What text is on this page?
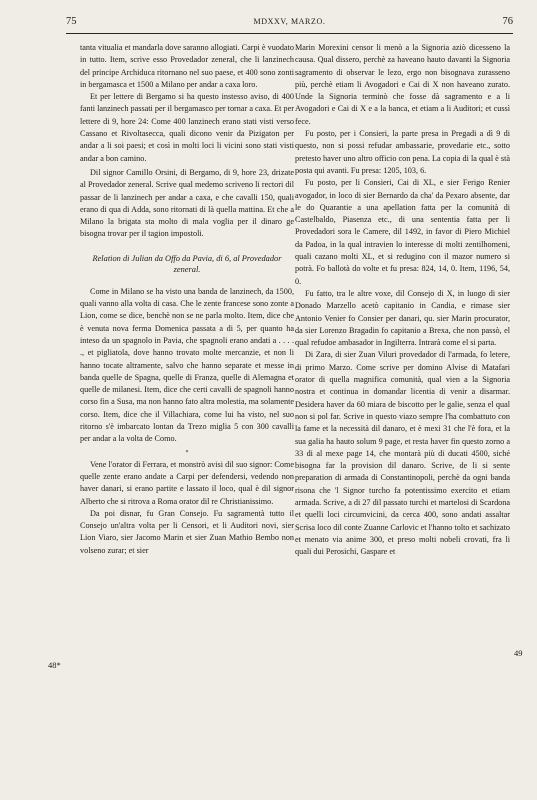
75	MDXXV, MARZO.	76

tanta vitualia et mandarla dove saranno allogiati. Carpi è vuodato in tutto. Item, scrive esso Provedador zeneral, che li lanzinech del principe Archiduca ritornano nel suo paese, et 400 sono zonti in bergamasca et 1500 a Milano per andar a caxa loro.

Et per lettere di Bergamo si ha questo instesso aviso, di 400 fanti lanzinech passati per il bergamasco per tornar a caxa. Et per lettere di 9, hore 24: Come 400 lanzinech erano stati visti verso Cassano et Rivoltasecca, quali dicono venir da Pizigaton per andar a li soi paesi; et così in molti loci li vicini sono stati visti andar a bon camino.

Dil signor Camillo Orsini, di Bergamo, di 9, hore 23, drizate al Provedador zeneral. Scrive qual medemo scriveno li rectori dil passar de li lanzinech per andar a caxa, e che cavalli 150, quali erano di qua di Adda, sono ritornati di là quella mattina. Et che a Milano la brigata sta molto di mala voglia per il dinaro ge bisogna trovar per il tagion impostoli.

Relation di Julian da Offo da Pavia, di 6, al Provedador zeneral.

Come in Milano se ha visto una banda de lanzinech, da 1500, quali vanno alla volta di casa. Che le zente francese sono zonte a Lion, come se dice, benchè non se ne parla molto. Item, dice che è venuta nova ferma Domenica passata a di 5, per quanto ha inteso da un spagnolo in Pavia, che spagnoli erano andati a . . . . ., et pigliatola, dove hanno trovato molte mercanzie, et non li hanno tocate altramente, salvo che hanno separate et messe in banda quelle de Spagna, quelle di Franza, quelle di Alemagna et quelle de milanesi. Item, dice che certi cavalli de spagnoli hanno corso fin a Susa, ma non hanno fato altra molestia, ma solamente corso. Item, dice che il Villachiara, come lui ha visto, nel suo ritorno s'è imbarcato lontan da Trezo miglia 5 con 300 cavalli per andar a la volta de Como.

*

Vene l'orator di Ferrara, et monstrò avisi dil suo signor: Come quelle zente erano andate a Carpi per defendersi, vedendo non haver danari, si erano partite e lassato il loco, qual è dil signor Alberto che si ritrova a Roma orator dil re Christianissimo.

Da poi disnar, fu Gran Consejo. Fu sagramentà tutto il Consejo un'altra volta per li Censori, et li Auditori novi, sier Lion Viaro, sier Jacomo Marin et sier Zuan Mathio Bembo non volseno zurar; et sier

Marin Morexini censor li menò a la Signoria aziò dicesseno la causa. Qual dissero, perchè za haveano hauto davanti la Signoria sagramento di observar le lezo, ergo non bisognava zurasseno più, perchè etiam li Avogadori e Cai di X non haveano zurato. Unde la Signoria terminò che fosse dà sagramento e a li Avogadori e Cai di X e a la banca, et etiam a li Auditori; et cussì fece.

Fu posto, per i Consieri, la parte presa in Pregadi a dì 9 di questo, non si possi refudar ambassarie, provedarie etc., sotto pretesto haver uno altro officio con pena. La copia di la qual è stà posta qui avanti. Fu presa: 1205, 103, 6.

Fu posto, per li Consieri, Cai di XL, e sier Ferigo Renier avogador, in loco di sier Bernardo da cha' da Pexaro absente, dar le do Quarantie a una apellation fatta per la comunità di Castelbaldo, Piasenza etc., di una sententia fatta per li Provedadori sora le Camere, dil 1492, in favor di Piero Michiel da Padoa, in la qual intravien lo interesse di molti zentilhomeni, quali cazano molti XL, et si redugino con il mazor numero si potrà. Fo ballotà do volte et fu presa: 824, 14, 0. Item, 1196, 54, 0.

Fu fatto, tra le altre voxe, dil Consejo di X, in luogo di sier Donado Marzello acetò capitanio in Candia, e rimase sier Antonio Venier fo Consier per danari, qu. sier Marin procurator, da sier Lorenzo Bragadin fo capitanio a Brexa, che non passò, el qual refudoe ambasador in Ingilterra. Intrarà come el si parta.

Di Zara, di sier Zuan Viluri provedador di l'armada, fo letere, di primo Marzo. Come scrive per domino Alvise di Matafari orator di quella magnifica comunità, qual vien a la Signoria nostra et continua in domandar licentia di venir a disarmar. Desidera haver da 60 miara de biscotto per le galie, senza el qual non si pol far. Scrive in questo viazo sempre l'ha combattuto con la fame et la necessità dil danaro, et è mexi 31 che l'è fora, et la sua galia ha hauto solum 9 page, et resta haver fin questo zorno a 33 di al mexe page 14, che montarà più di ducati 4500, siché bisogna far la provision dil danaro. Scrive, de li si sente preparation di armada di Constantinopoli, perchè da ogni banda risona che 'l Signor turcho fa potentissimo exercito et etiam armada. Scrive, a di 27 dil passato turchi et martelosi di Scardona et quelli loci circumvicini, da cerca 400, sono andati assaltar Scrisa loco dil conte Zuanne Carlovic et l'hanno tolto et sachizato et menato via anime 300, et preso molti nobeli crovati, fra li quali dui Perosichi, Gaspare et

48*
49
